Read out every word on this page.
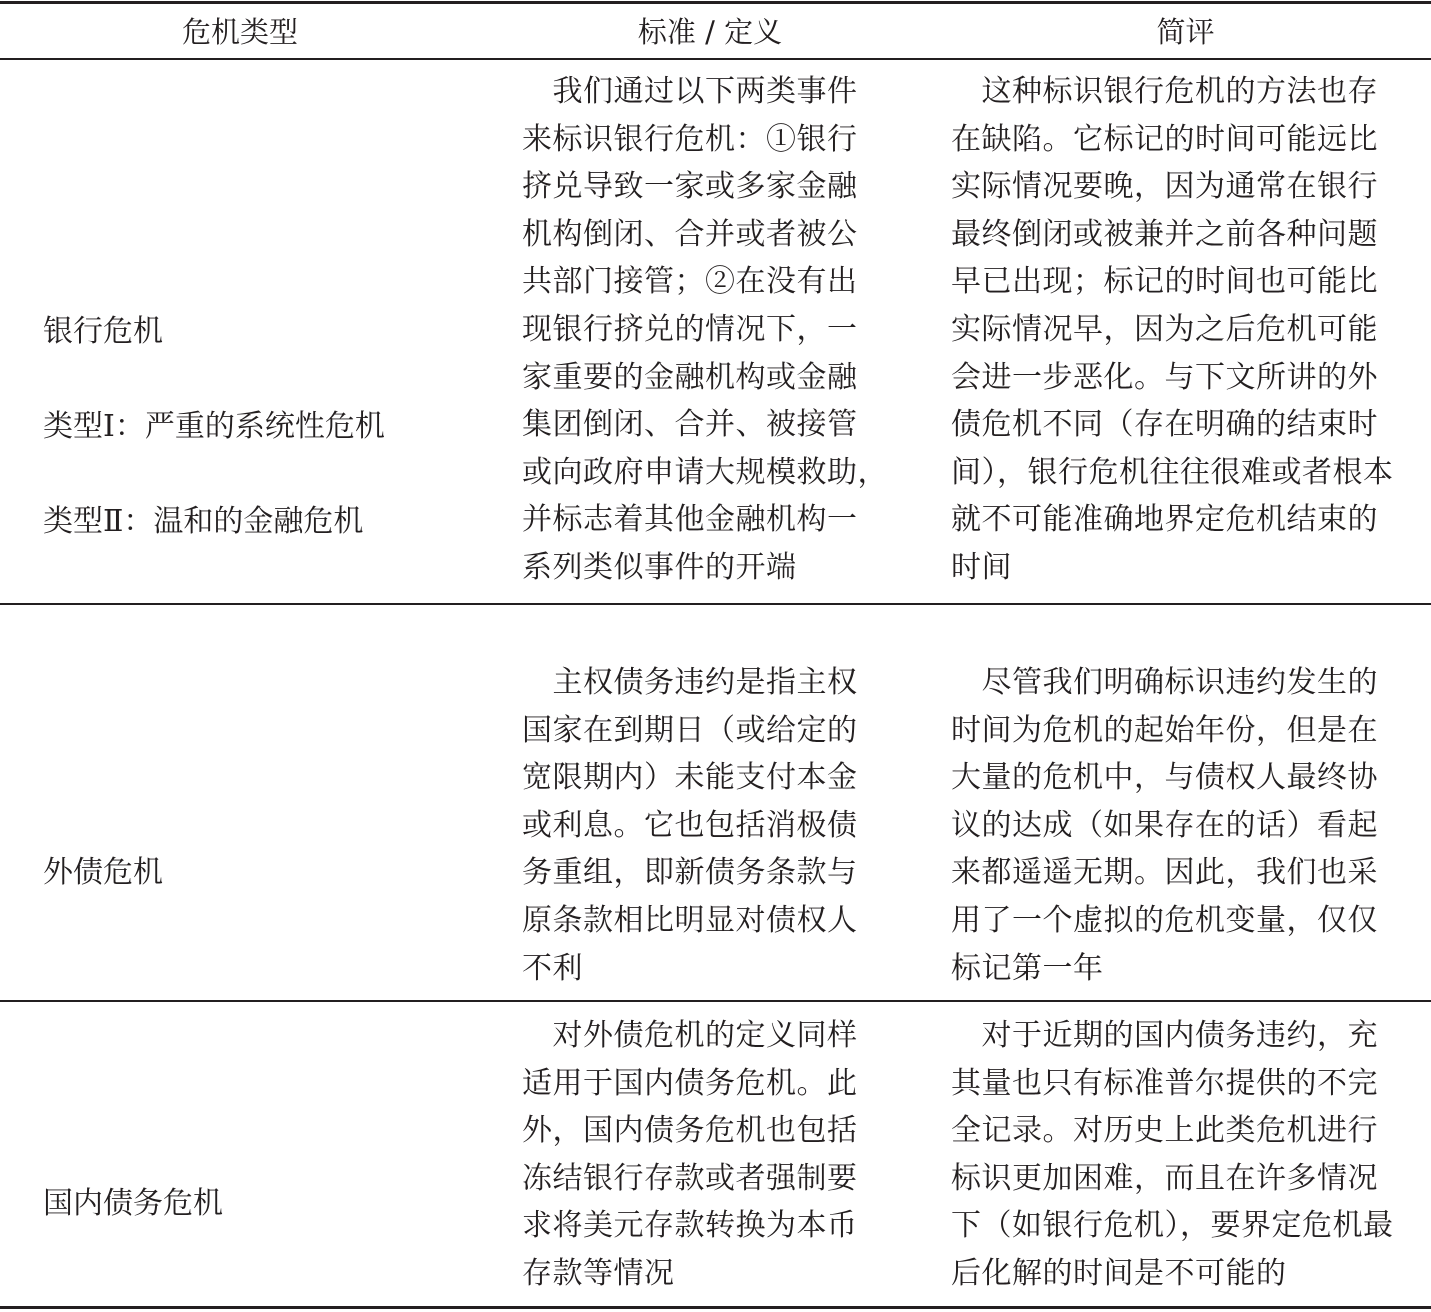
危机类型	标准 / 定义	简评

银行危机

类型Ⅰ：严重的系统性危机

类型Ⅱ：温和的金融危机

　我们通过以下两类事件
来标识银行危机：①银行
挤兑导致一家或多家金融
机构倒闭、合并或者被公
共部门接管；②在没有出
现银行挤兑的情况下，一
家重要的金融机构或金融
集团倒闭、合并、被接管
或向政府申请大规模救助，
并标志着其他金融机构一
系列类似事件的开端
　这种标识银行危机的方法也存
在缺陷。它标记的时间可能远比
实际情况要晚，因为通常在银行
最终倒闭或被兼并之前各种问题
早已出现；标记的时间也可能比
实际情况早，因为之后危机可能
会进一步恶化。与下文所讲的外
债危机不同（存在明确的结束时
间），银行危机往往很难或者根本
就不可能准确地界定危机结束的
时间

外债危机

　主权债务违约是指主权
国家在到期日（或给定的
宽限期内）未能支付本金
或利息。它也包括消极债
务重组，即新债务条款与
原条款相比明显对债权人
不利
　尽管我们明确标识违约发生的
时间为危机的起始年份，但是在
大量的危机中，与债权人最终协
议的达成（如果存在的话）看起
来都遥遥无期。因此，我们也采
用了一个虚拟的危机变量，仅仅
标记第一年

国内债务危机

　对外债危机的定义同样
适用于国内债务危机。此
外，国内债务危机也包括
冻结银行存款或者强制要
求将美元存款转换为本币
存款等情况
　对于近期的国内债务违约，充
其量也只有标准普尔提供的不完
全记录。对历史上此类危机进行
标识更加困难，而且在许多情况
下（如银行危机），要界定危机最
后化解的时间是不可能的
